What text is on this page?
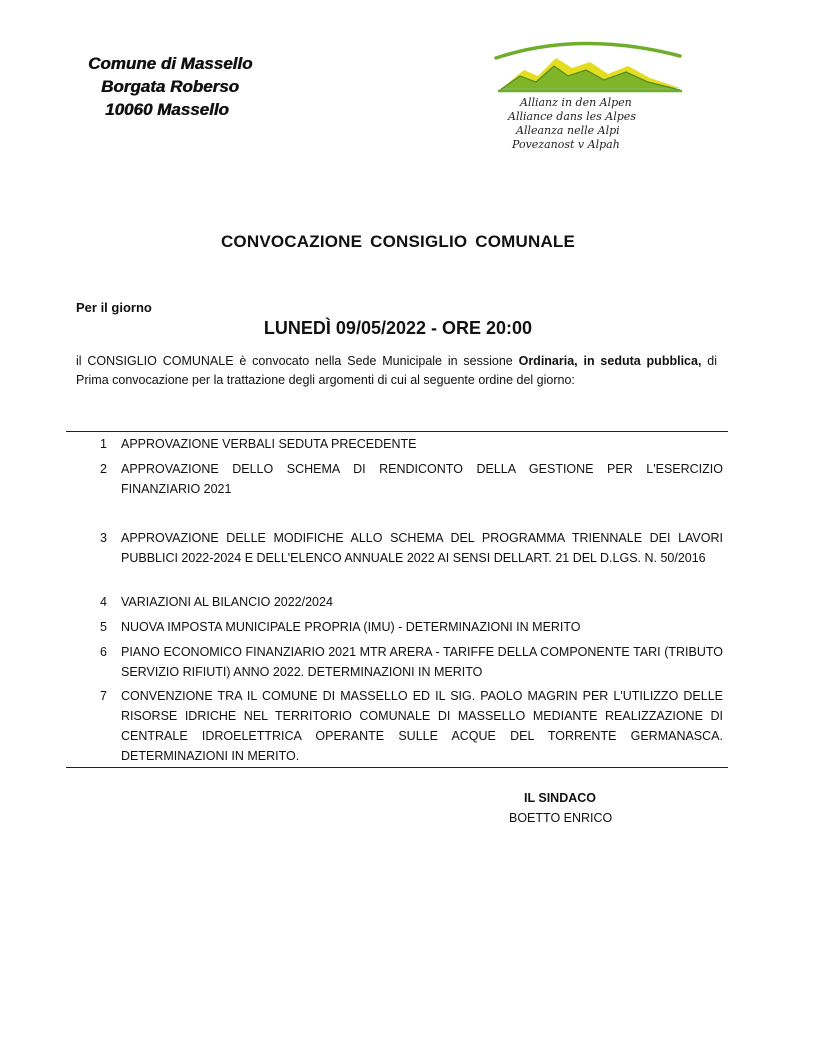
Comune di Massello
Borgata Roberso
10060 Massello	Allianz in den Alpen
Alliance dans les Alpes
Alleanza nelle Alpi
Povezanost v Alpah
CONVOCAZIONE CONSIGLIO COMUNALE
Per il giorno
LUNEDÌ 09/05/2022 - ORE 20:00
il CONSIGLIO COMUNALE è convocato nella Sede Municipale in sessione Ordinaria, in seduta pubblica, di Prima convocazione per la trattazione degli argomenti di cui al seguente ordine del giorno:
1	APPROVAZIONE VERBALI SEDUTA PRECEDENTE
2	APPROVAZIONE DELLO SCHEMA DI RENDICONTO DELLA GESTIONE PER L'ESERCIZIO FINANZIARIO 2021
3	APPROVAZIONE DELLE MODIFICHE ALLO SCHEMA DEL PROGRAMMA TRIENNALE DEI LAVORI PUBBLICI 2022-2024 E DELL'ELENCO ANNUALE 2022 AI SENSI DELLART. 21 DEL D.LGS. N. 50/2016
4	VARIAZIONI AL BILANCIO 2022/2024
5	NUOVA IMPOSTA MUNICIPALE PROPRIA (IMU) - DETERMINAZIONI IN MERITO
6	PIANO ECONOMICO FINANZIARIO 2021 MTR ARERA - TARIFFE DELLA COMPONENTE TARI (TRIBUTO SERVIZIO RIFIUTI) ANNO 2022. DETERMINAZIONI IN MERITO
7	CONVENZIONE TRA IL COMUNE DI MASSELLO ED IL SIG. PAOLO MAGRIN PER L'UTILIZZO DELLE RISORSE IDRICHE NEL TERRITORIO COMUNALE DI MASSELLO MEDIANTE REALIZZAZIONE DI CENTRALE IDROELETTRICA OPERANTE SULLE ACQUE DEL TORRENTE GERMANASCA. DETERMINAZIONI IN MERITO.
IL SINDACO
BOETTO ENRICO
